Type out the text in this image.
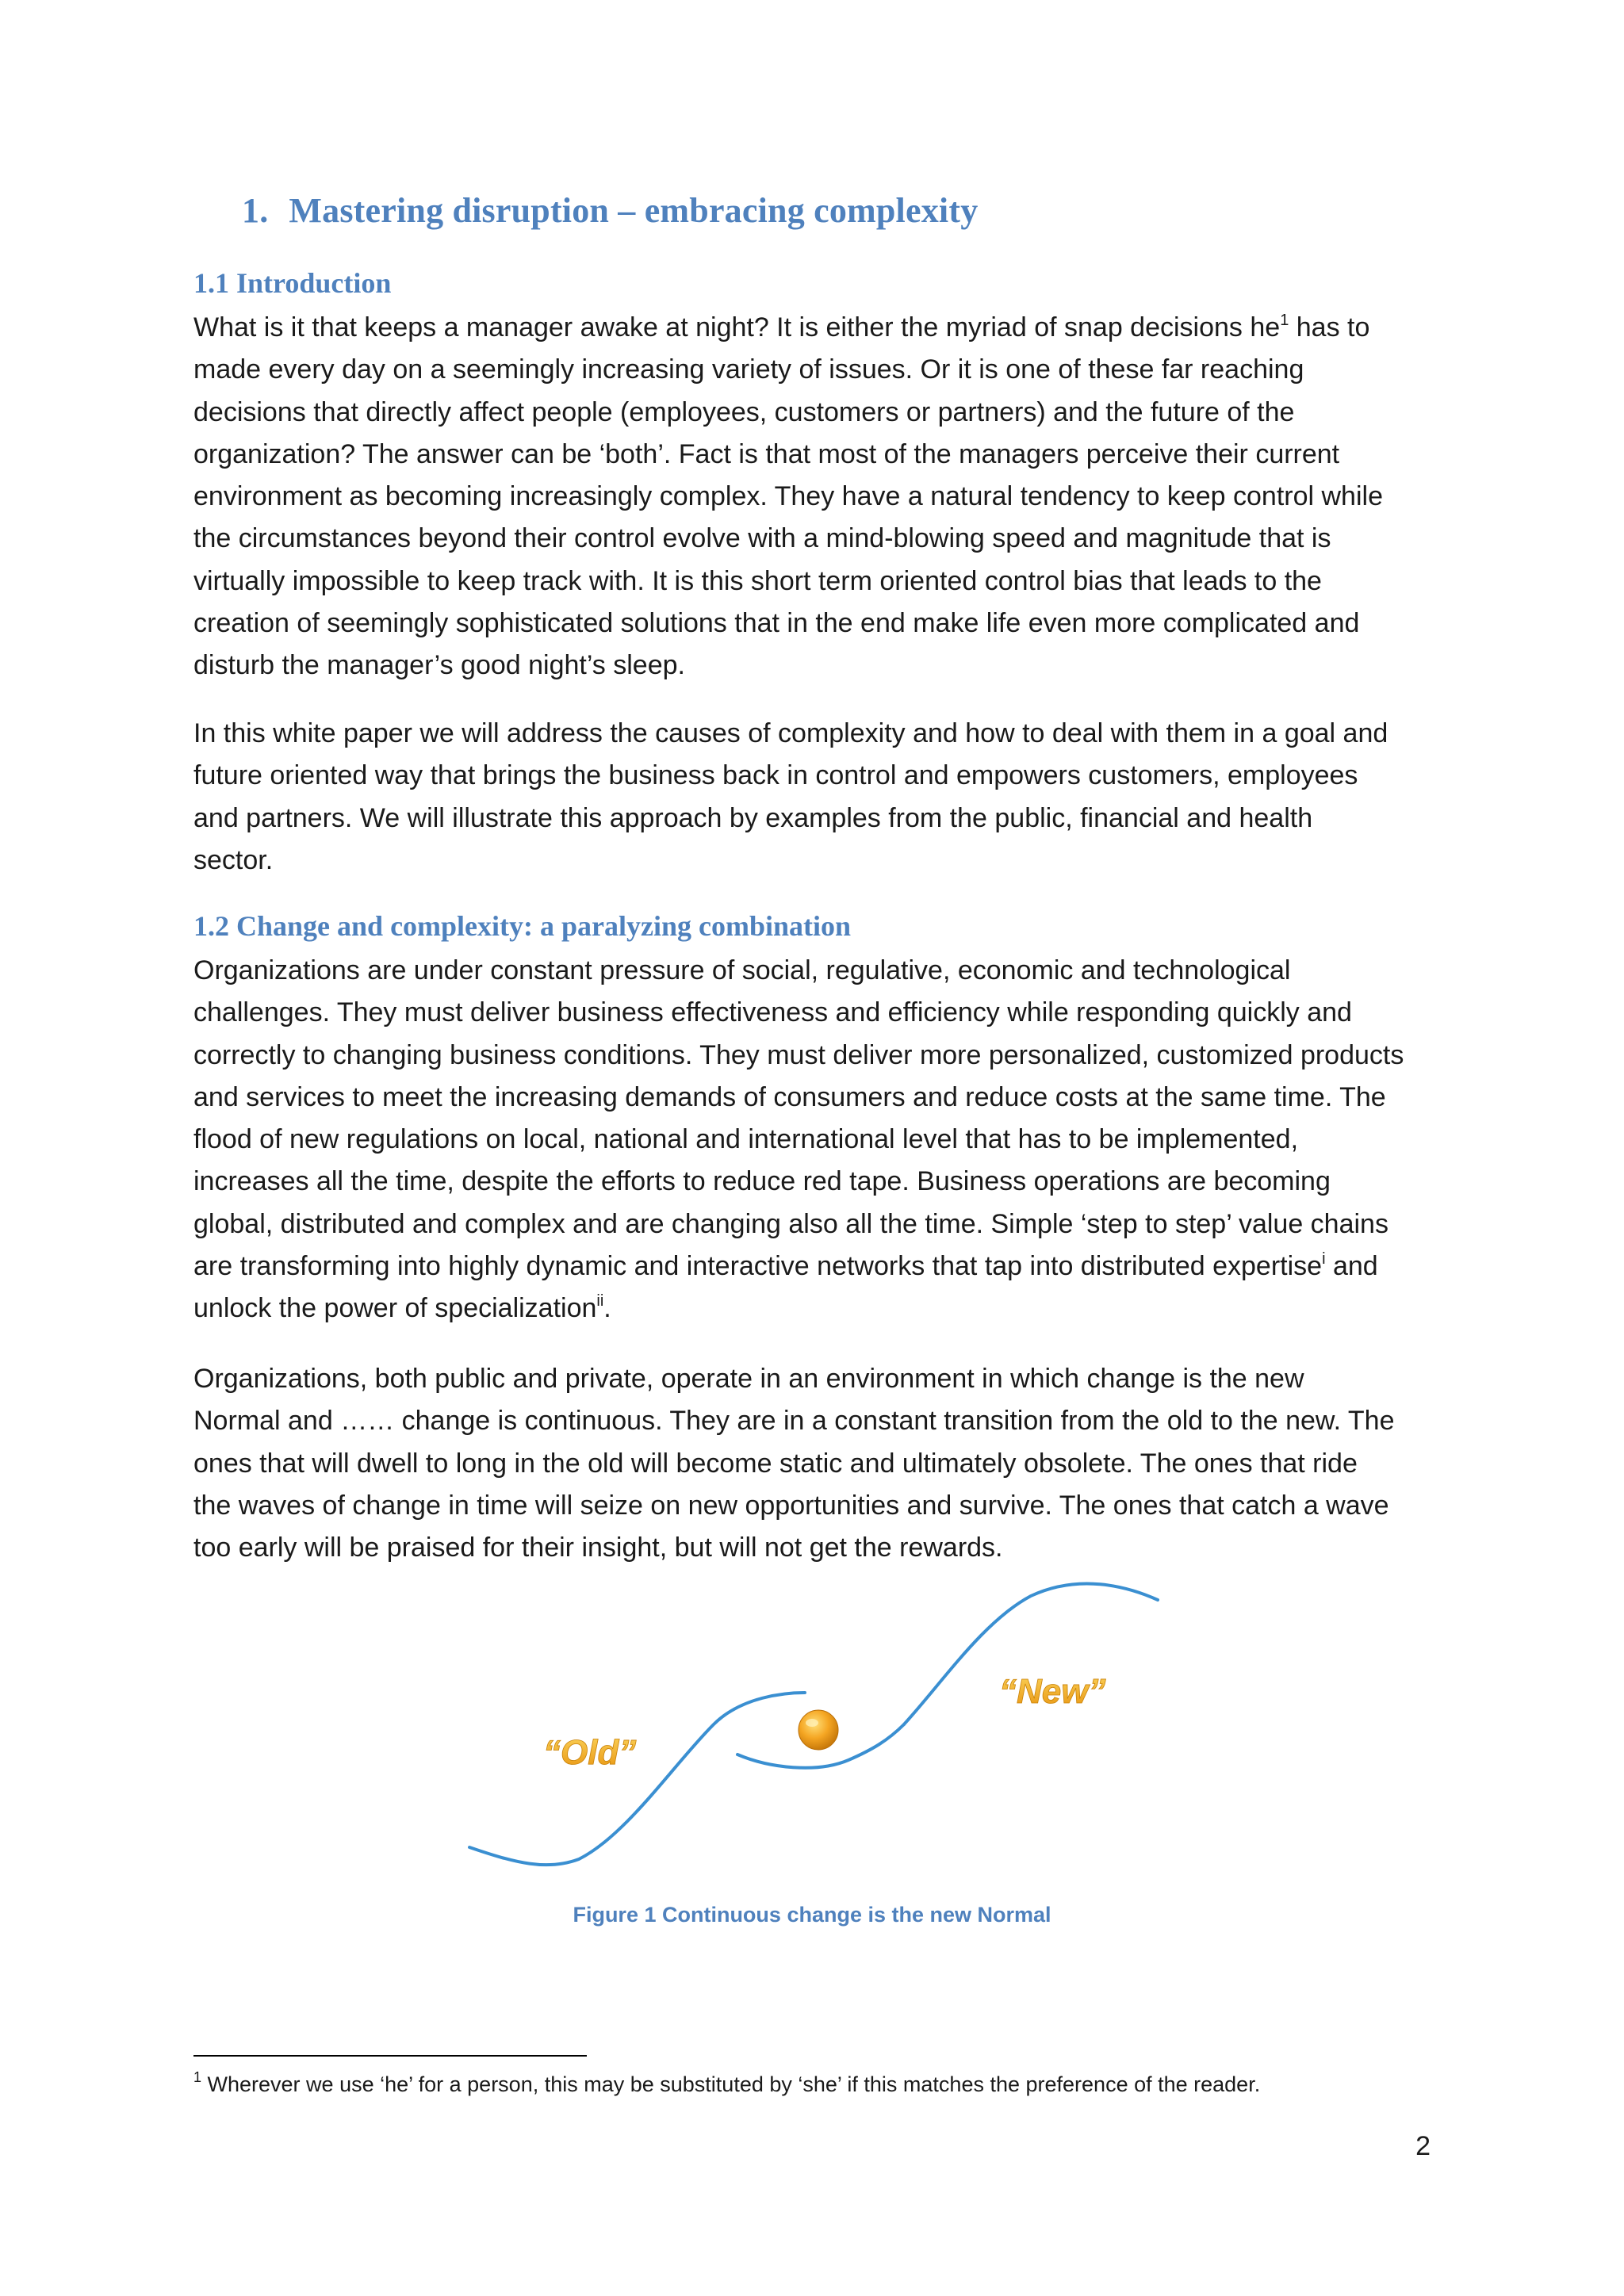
1. Mastering disruption – embracing complexity
1.1 Introduction
What is it that keeps a manager awake at night? It is either the myriad of snap decisions $he^1$ has to
made every day on a seemingly increasing variety of issues. Or it is one of these far reaching
decisions that directly affect people (employees, customers or partners) and the future of the
organization? The answer can be ‘both’. Fact is that most of the managers perceive their current
environment as becoming increasingly complex. They have a natural tendency to keep control while
the circumstances beyond their control evolve with a mind-blowing speed and magnitude that is
virtually impossible to keep track with. It is this short term oriented control bias that leads to the
creation of seemingly sophisticated solutions that in the end make life even more complicated and
disturb the manager’s good night’s sleep.
In this white paper we will address the causes of complexity and how to deal with them in a goal and
future oriented way that brings the business back in control and empowers customers, employees
and partners. We will illustrate this approach by examples from the public, financial and health
sector.
1.2 Change and complexity: a paralyzing combination
Organizations are under constant pressure of social, regulative, economic and technological
challenges. They must deliver business effectiveness and efficiency while responding quickly and
correctly to changing business conditions. They must deliver more personalized, customized products
and services to meet the increasing demands of consumers and reduce costs at the same time. The
flood of new regulations on local, national and international level that has to be implemented,
increases all the time, despite the efforts to reduce red tape. Business operations are becoming
global, distributed and complex and are changing also all the time. Simple ‘step to step’ value chains
are transforming into highly dynamic and interactive networks that tap into distributed expertise$^i$ and
unlock the power of specialization$^{ii}$.
Organizations, both public and private, operate in an environment in which change is the new
Normal and …… change is continuous. They are in a constant transition from the old to the new. The
ones that will dwell to long in the old will become static and ultimately obsolete. The ones that ride
the waves of change in time will seize on new opportunities and survive. The ones that catch a wave
too early will be praised for their insight, but will not get the rewards.
“Old”
“New”
Figure 1 Continuous change is the new Normal
$^1$ Wherever we use ‘he’ for a person, this may be substituted by ‘she’ if this matches the preference of the reader.
2
